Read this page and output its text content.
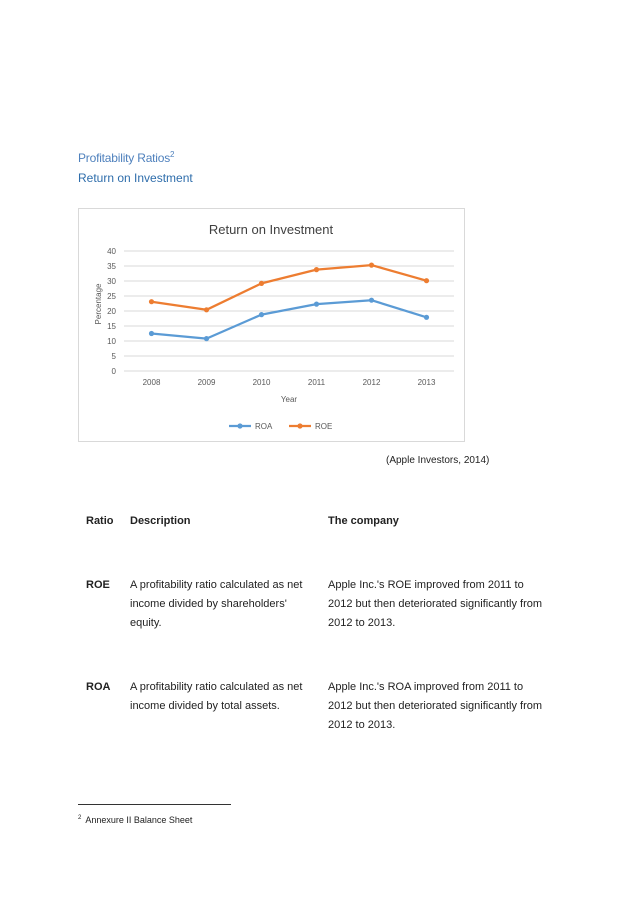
Profitability Ratios$^2$
Return on Investment
Return on Investment
0
5
10
15
20
25
30
35
40
2008	2009	2010	2011	2012	2013
Percentage
Year
ROA	ROE
(Apple Investors, 2014)
Ratio	Description	The company
ROE	A profitability ratio calculated as net
income divided by shareholders'
equity.
Apple Inc.'s ROE improved from 2011 to
2012 but then deteriorated significantly from
2012 to 2013.
ROA	A profitability ratio calculated as net
income divided by total assets.
Apple Inc.'s ROA improved from 2011 to
2012 but then deteriorated significantly from
2012 to 2013.
$^2$ Annexure II Balance Sheet
